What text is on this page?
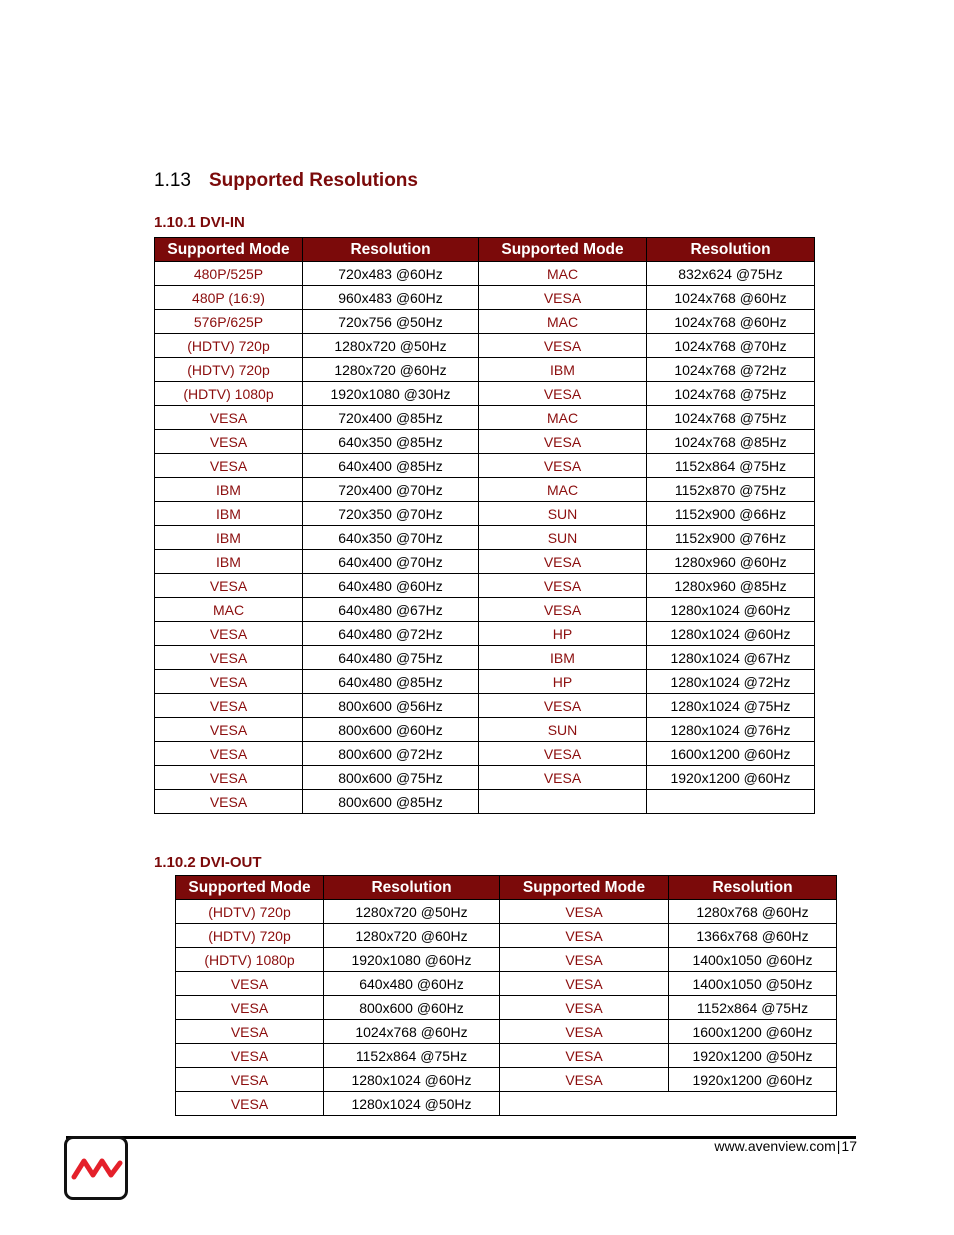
1.13 Supported Resolutions
1.10.1 DVI-IN
Supported Mode	Resolution	Supported Mode	Resolution
480P/525P	720x483 @60Hz	MAC	832x624 @75Hz
480P (16:9)	960x483 @60Hz	VESA	1024x768 @60Hz
576P/625P	720x756 @50Hz	MAC	1024x768 @60Hz
(HDTV) 720p	1280x720 @50Hz	VESA	1024x768 @70Hz
(HDTV) 720p	1280x720 @60Hz	IBM	1024x768 @72Hz
(HDTV) 1080p	1920x1080 @30Hz	VESA	1024x768 @75Hz
VESA	720x400 @85Hz	MAC	1024x768 @75Hz
VESA	640x350 @85Hz	VESA	1024x768 @85Hz
VESA	640x400 @85Hz	VESA	1152x864 @75Hz
IBM	720x400 @70Hz	MAC	1152x870 @75Hz
IBM	720x350 @70Hz	SUN	1152x900 @66Hz
IBM	640x350 @70Hz	SUN	1152x900 @76Hz
IBM	640x400 @70Hz	VESA	1280x960 @60Hz
VESA	640x480 @60Hz	VESA	1280x960 @85Hz
MAC	640x480 @67Hz	VESA	1280x1024 @60Hz
VESA	640x480 @72Hz	HP	1280x1024 @60Hz
VESA	640x480 @75Hz	IBM	1280x1024 @67Hz
VESA	640x480 @85Hz	HP	1280x1024 @72Hz
VESA	800x600 @56Hz	VESA	1280x1024 @75Hz
VESA	800x600 @60Hz	SUN	1280x1024 @76Hz
VESA	800x600 @72Hz	VESA	1600x1200 @60Hz
VESA	800x600 @75Hz	VESA	1920x1200 @60Hz
VESA	800x600 @85Hz		
1.10.2 DVI-OUT
Supported Mode	Resolution	Supported Mode	Resolution
(HDTV) 720p	1280x720 @50Hz	VESA	1280x768 @60Hz
(HDTV) 720p	1280x720 @60Hz	VESA	1366x768 @60Hz
(HDTV) 1080p	1920x1080 @60Hz	VESA	1400x1050 @60Hz
VESA	640x480 @60Hz	VESA	1400x1050 @50Hz
VESA	800x600 @60Hz	VESA	1152x864 @75Hz
VESA	1024x768 @60Hz	VESA	1600x1200 @60Hz
VESA	1152x864 @75Hz	VESA	1920x1200 @50Hz
VESA	1280x1024 @60Hz	VESA	1920x1200 @60Hz
VESA	1280x1024 @50Hz		
www.avenview.com|17
